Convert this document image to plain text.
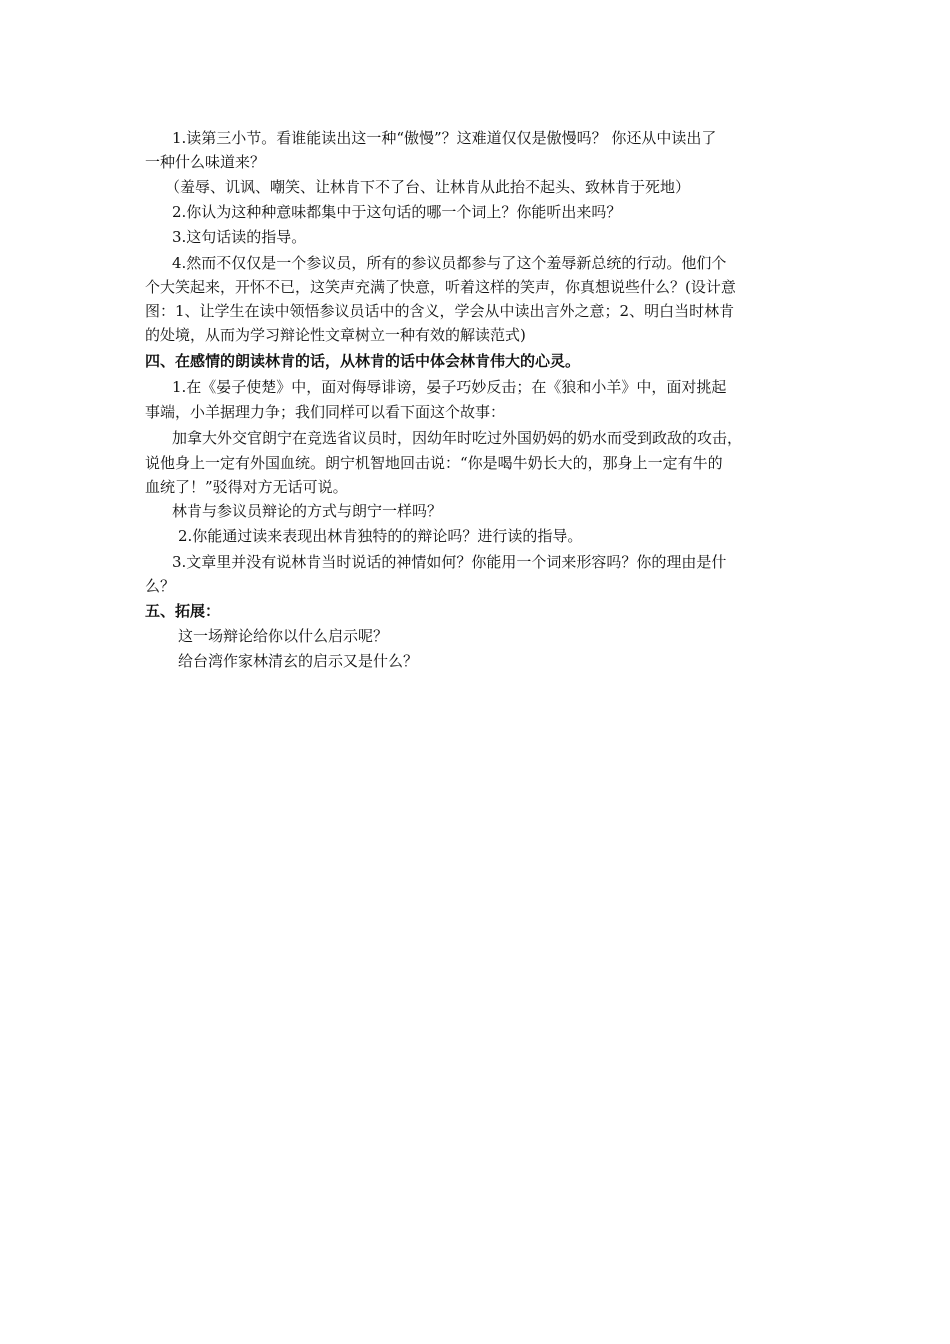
1.读第三小节。看谁能读出这一种“傲慢”？这难道仅仅是傲慢吗？ 你还从中读出了
一种什么味道来？
（羞辱、讥讽、嘲笑、让林肯下不了台、让林肯从此抬不起头、致林肯于死地）
2.你认为这种种意味都集中于这句话的哪一个词上？你能听出来吗？
3.这句话读的指导。
4.然而不仅仅是一个参议员，所有的参议员都参与了这个羞辱新总统的行动。他们个
个大笑起来，开怀不已，这笑声充满了快意，听着这样的笑声，你真想说些什么？(设计意
图：1、让学生在读中领悟参议员话中的含义，学会从中读出言外之意；2、明白当时林肯
的处境，从而为学习辩论性文章树立一种有效的解读范式)
四、在感情的朗读林肯的话，从林肯的话中体会林肯伟大的心灵。
1.在《晏子使楚》中，面对侮辱诽谤，晏子巧妙反击；在《狼和小羊》中，面对挑起
事端，小羊据理力争；我们同样可以看下面这个故事：
加拿大外交官朗宁在竞选省议员时，因幼年时吃过外国奶妈的奶水而受到政敌的攻击，
说他身上一定有外国血统。朗宁机智地回击说：“你是喝牛奶长大的，那身上一定有牛的
血统了！”驳得对方无话可说。
林肯与参议员辩论的方式与朗宁一样吗？
2.你能通过读来表现出林肯独特的的辩论吗？进行读的指导。
3.文章里并没有说林肯当时说话的神情如何？你能用一个词来形容吗？你的理由是什
么？
五、拓展：
这一场辩论给你以什么启示呢？
给台湾作家林清玄的启示又是什么？
